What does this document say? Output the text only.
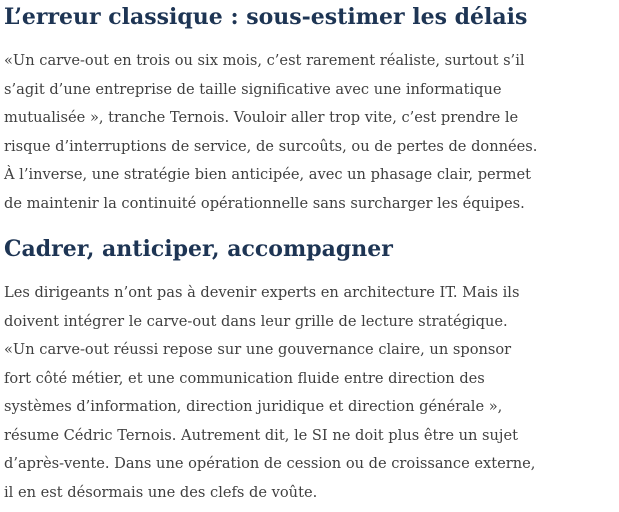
L’erreur classique : sous-estimer les délais

«Un carve-out en trois ou six mois, c’est rarement réaliste, surtout s’il
s’agit d’une entreprise de taille significative avec une informatique
mutualisée », tranche Ternois. Vouloir aller trop vite, c’est prendre le
risque d’interruptions de service, de surcoûts, ou de pertes de données.
À l’inverse, une stratégie bien anticipée, avec un phasage clair, permet
de maintenir la continuité opérationnelle sans surcharger les équipes.

Cadrer, anticiper, accompagner

Les dirigeants n’ont pas à devenir experts en architecture IT. Mais ils
doivent intégrer le carve-out dans leur grille de lecture stratégique.
«Un carve-out réussi repose sur une gouvernance claire, un sponsor
fort côté métier, et une communication fluide entre direction des
systèmes d’information, direction juridique et direction générale »,
résume Cédric Ternois. Autrement dit, le SI ne doit plus être un sujet
d’après-vente. Dans une opération de cession ou de croissance externe,
il en est désormais une des clefs de voûte.
